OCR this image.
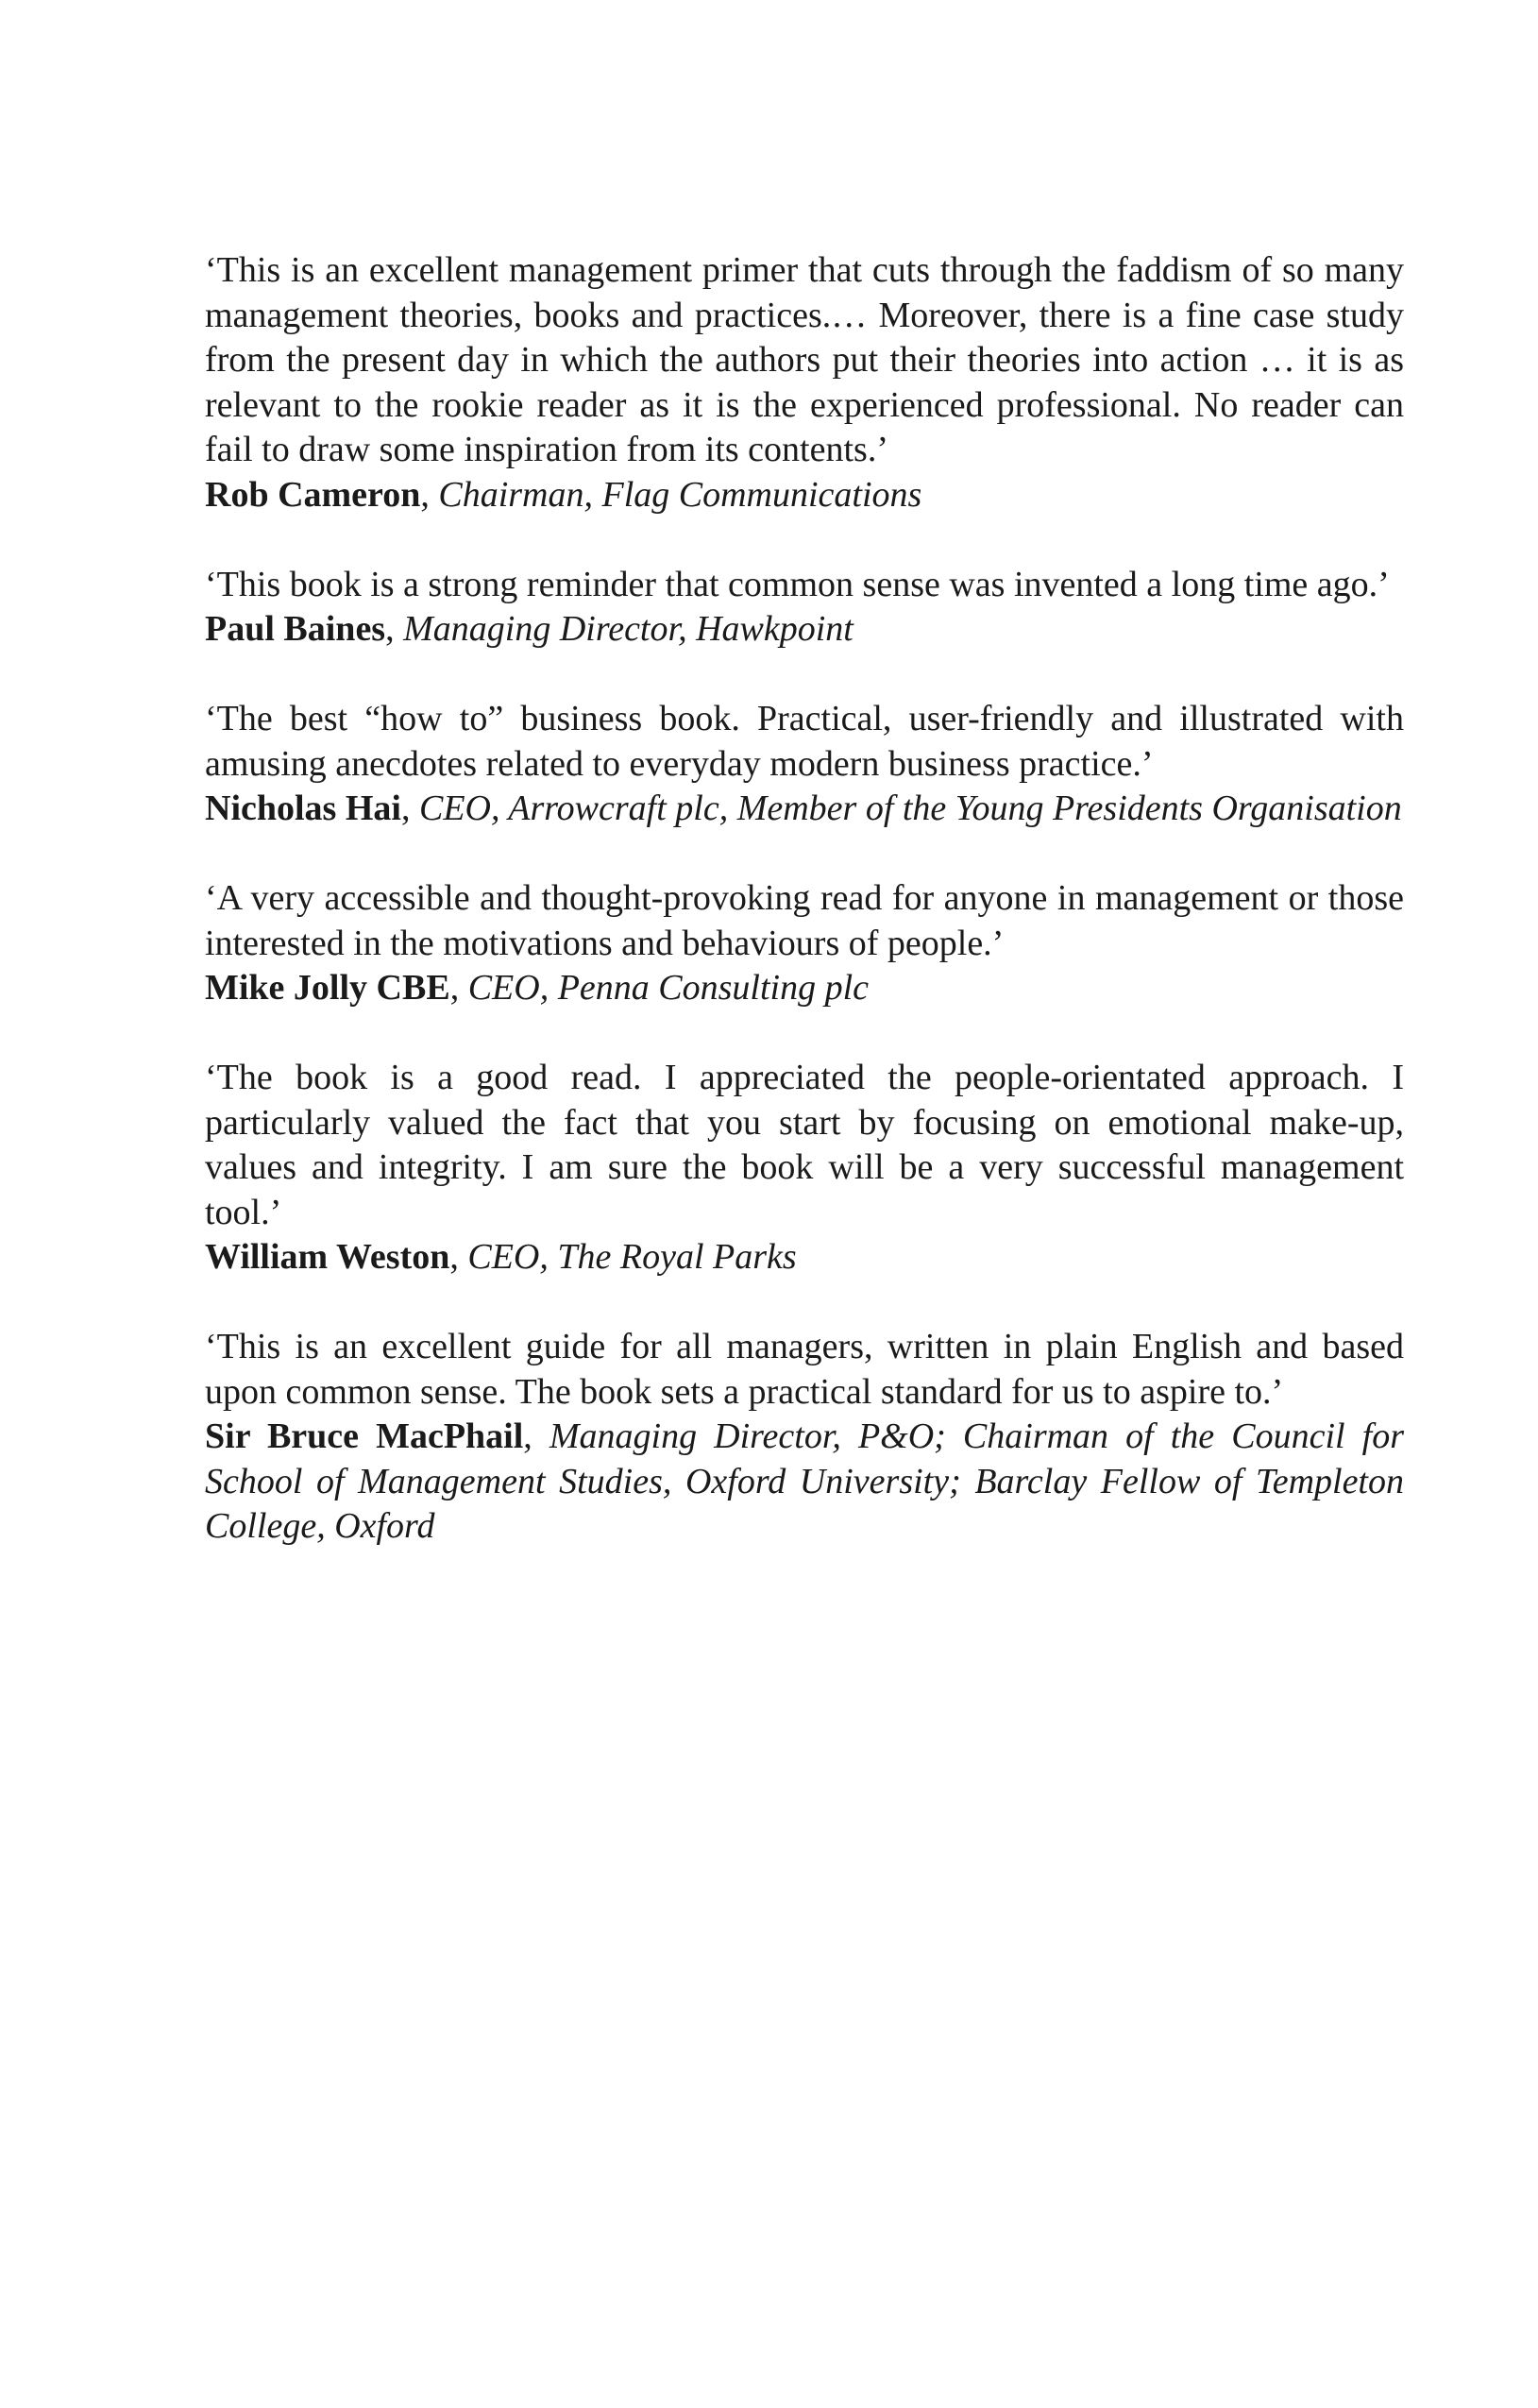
‘This is an excellent management primer that cuts through the faddism of so many management theories, books and practices.… Moreover, there is a fine case study from the present day in which the authors put their theories into action … it is as relevant to the rookie reader as it is the experienced professional. No reader can fail to draw some inspiration from its contents.’

Rob Cameron, Chairman, Flag Communications

‘This book is a strong reminder that common sense was invented a long time ago.’

Paul Baines, Managing Director, Hawkpoint

‘The best “how to” business book. Practical, user-friendly and illustrated with amusing anecdotes related to everyday modern business practice.’

Nicholas Hai, CEO, Arrowcraft plc, Member of the Young Presidents Organisation

‘A very accessible and thought-provoking read for anyone in management or those interested in the motivations and behaviours of people.’

Mike Jolly CBE, CEO, Penna Consulting plc

‘The book is a good read. I appreciated the people-orientated approach. I particularly valued the fact that you start by focusing on emotional make-up, values and integrity. I am sure the book will be a very successful management tool.’

William Weston, CEO, The Royal Parks

‘This is an excellent guide for all managers, written in plain English and based upon common sense. The book sets a practical standard for us to aspire to.’

Sir Bruce MacPhail, Managing Director, P&O; Chairman of the Council for School of Management Studies, Oxford University; Barclay Fellow of Templeton College, Oxford
